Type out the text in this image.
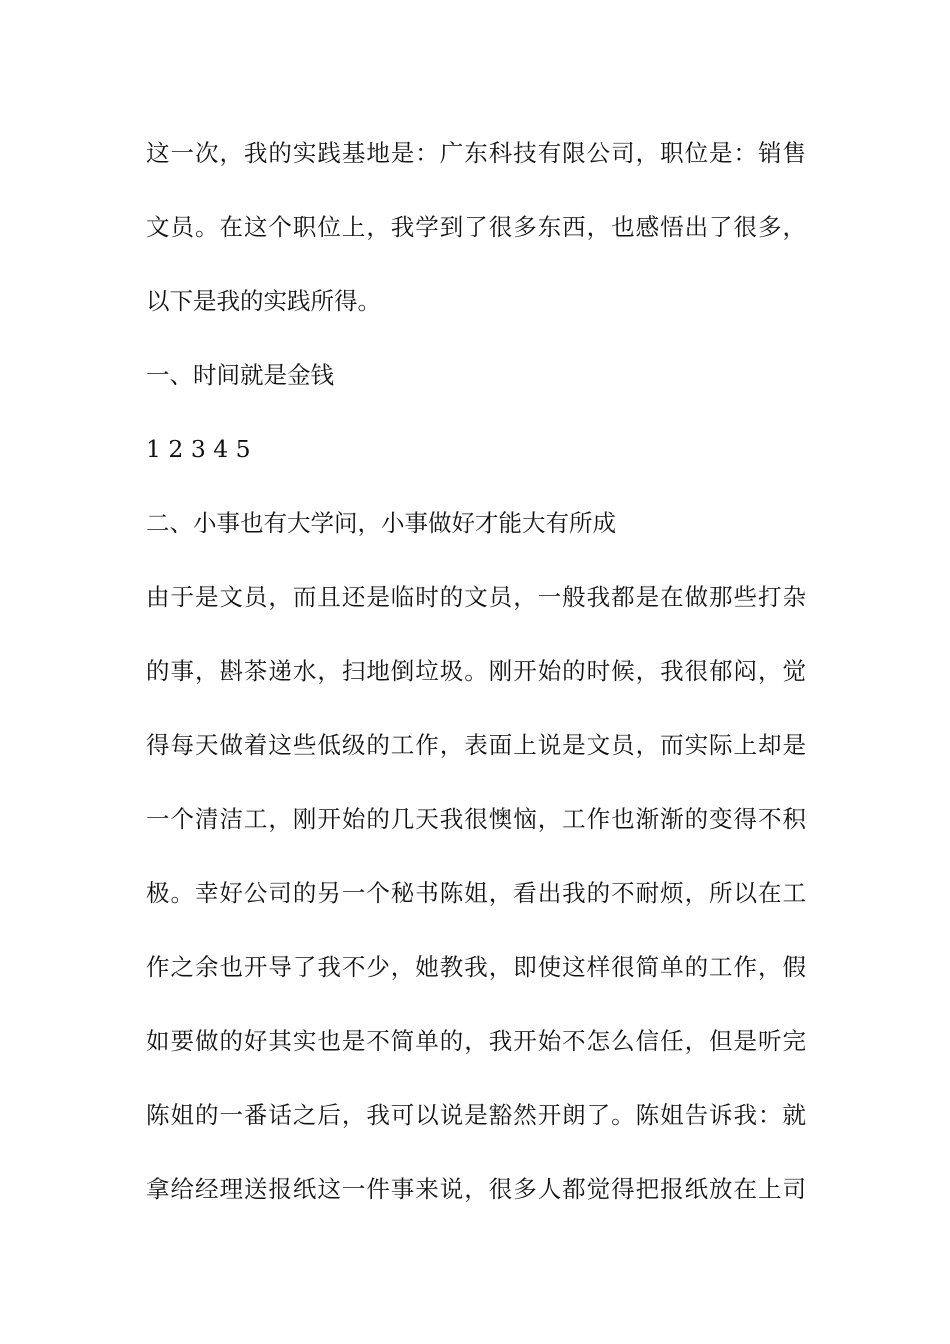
这一次，我的实践基地是：广东科技有限公司，职位是：销售
文员。在这个职位上，我学到了很多东西，也感悟出了很多，
以下是我的实践所得。
一、时间就是金钱
1 2 3 4 5
二、小事也有大学问，小事做好才能大有所成
由于是文员，而且还是临时的文员，一般我都是在做那些打杂
的事，斟茶递水，扫地倒垃圾。刚开始的时候，我很郁闷，觉
得每天做着这些低级的工作，表面上说是文员，而实际上却是
一个清洁工，刚开始的几天我很懊恼，工作也渐渐的变得不积
极。幸好公司的另一个秘书陈姐，看出我的不耐烦，所以在工
作之余也开导了我不少，她教我，即使这样很简单的工作，假
如要做的好其实也是不简单的，我开始不怎么信任，但是听完
陈姐的一番话之后，我可以说是豁然开朗了。陈姐告诉我：就
拿给经理送报纸这一件事来说，很多人都觉得把报纸放在上司
